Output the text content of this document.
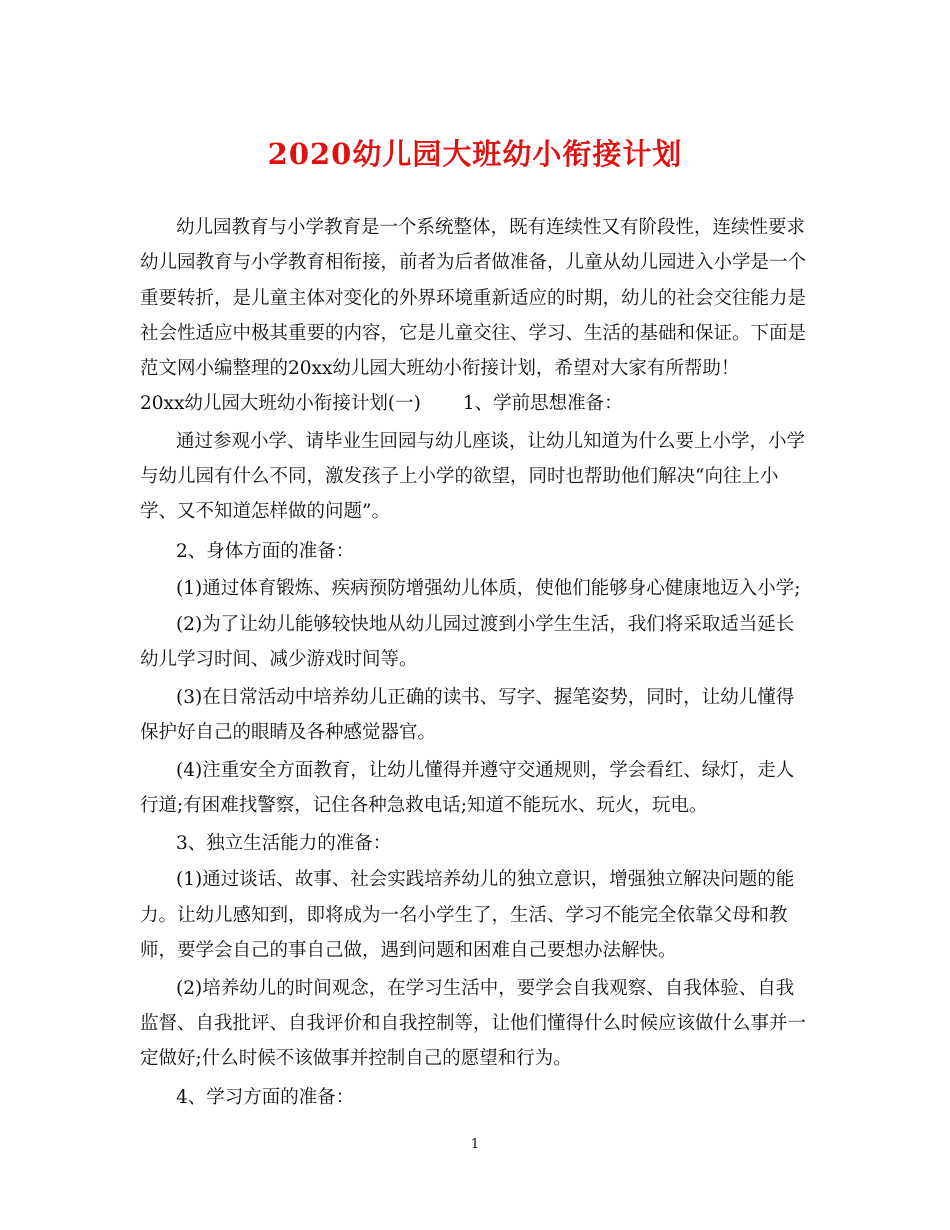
2020幼儿园大班幼小衔接计划
幼儿园教育与小学教育是一个系统整体，既有连续性又有阶段性，连续性要求
幼儿园教育与小学教育相衔接，前者为后者做准备，儿童从幼儿园进入小学是一个
重要转折，是儿童主体对变化的外界环境重新适应的时期，幼儿的社会交往能力是
社会性适应中极其重要的内容，它是儿童交往、学习、生活的基础和保证。下面是
范文网小编整理的20xx幼儿园大班幼小衔接计划，希望对大家有所帮助！
20xx幼儿园大班幼小衔接计划(一) 1、学前思想准备：
通过参观小学、请毕业生回园与幼儿座谈，让幼儿知道为什么要上小学，小学
与幼儿园有什么不同，激发孩子上小学的欲望，同时也帮助他们解决“向往上小
学、又不知道怎样做的问题”。
2、身体方面的准备：
(1)通过体育锻炼、疾病预防增强幼儿体质，使他们能够身心健康地迈入小学;
(2)为了让幼儿能够较快地从幼儿园过渡到小学生生活，我们将采取适当延长
幼儿学习时间、减少游戏时间等。
(3)在日常活动中培养幼儿正确的读书、写字、握笔姿势，同时，让幼儿懂得
保护好自己的眼睛及各种感觉器官。
(4)注重安全方面教育，让幼儿懂得并遵守交通规则，学会看红、绿灯，走人
行道;有困难找警察，记住各种急救电话;知道不能玩水、玩火，玩电。
3、独立生活能力的准备：
(1)通过谈话、故事、社会实践培养幼儿的独立意识，增强独立解决问题的能
力。让幼儿感知到，即将成为一名小学生了，生活、学习不能完全依靠父母和教
师，要学会自己的事自己做，遇到问题和困难自己要想办法解快。
(2)培养幼儿的时间观念，在学习生活中，要学会自我观察、自我体验、自我
监督、自我批评、自我评价和自我控制等，让他们懂得什么时候应该做什么事并一
定做好;什么时候不该做事并控制自己的愿望和行为。
4、学习方面的准备：
1
